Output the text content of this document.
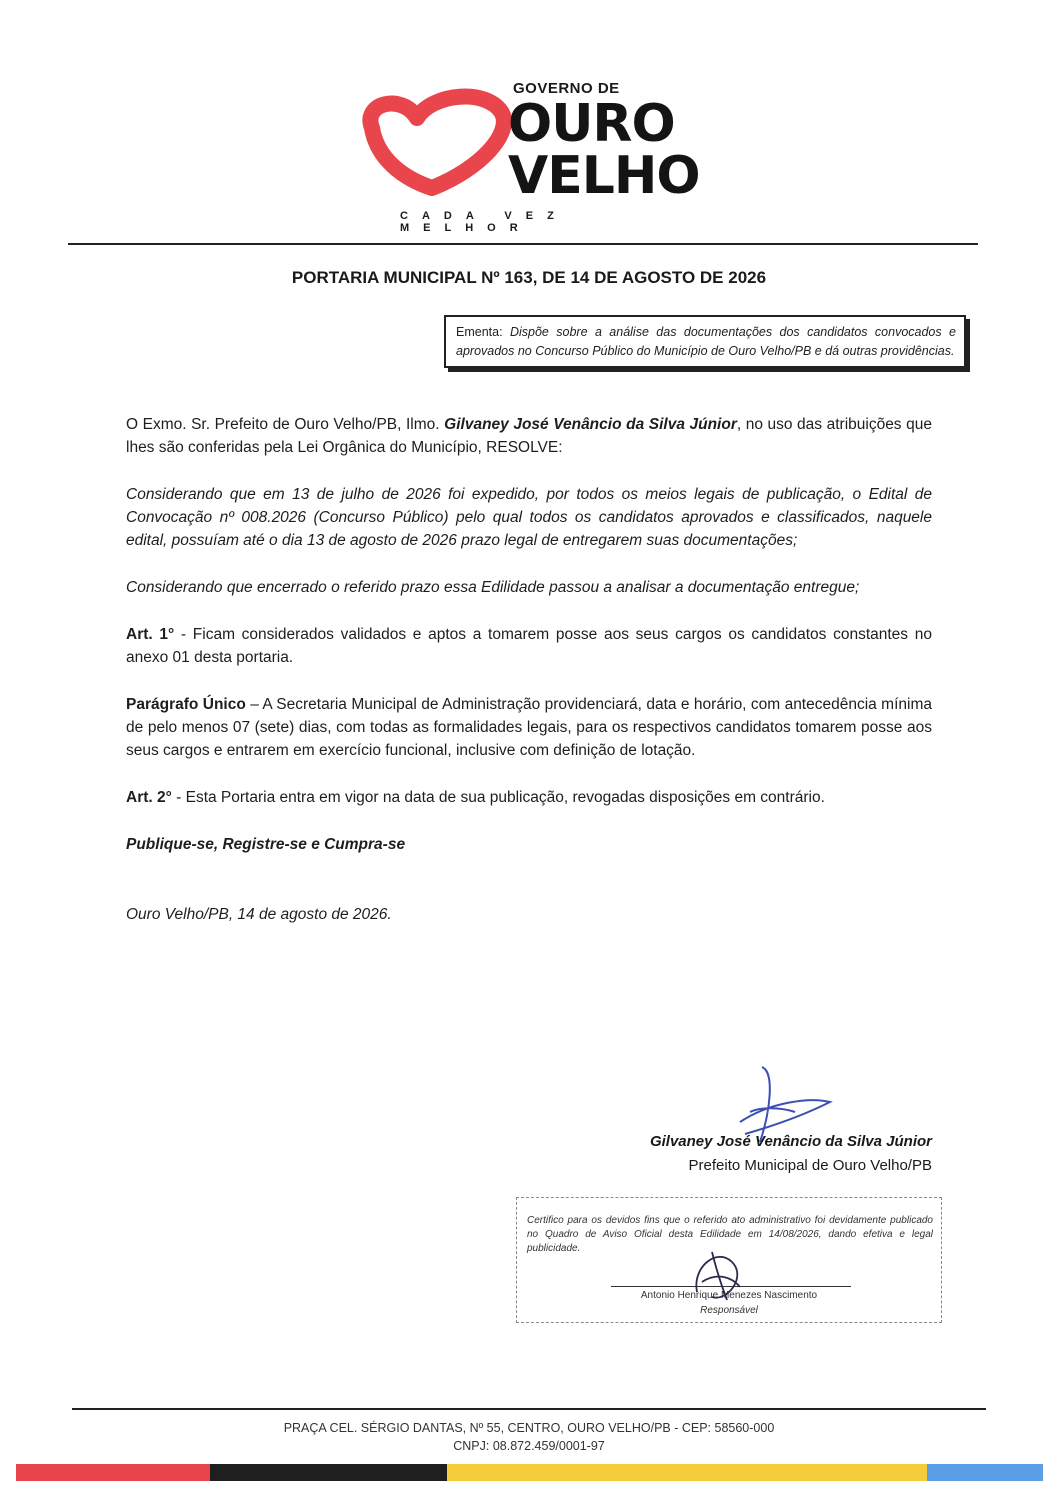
GOVERNO DE
OURO
VELHO
CADA VEZ MELHOR
PORTARIA MUNICIPAL Nº 163, DE 14 DE AGOSTO DE 2026
Ementa: Dispõe sobre a análise das documentações dos candidatos convocados e aprovados no Concurso Público do Município de Ouro Velho/PB e dá outras providências.

O Exmo. Sr. Prefeito de Ouro Velho/PB, Ilmo. Gilvaney José Venâncio da Silva Júnior, no uso das atribuições que lhes são conferidas pela Lei Orgânica do Município, RESOLVE:

Considerando que em 13 de julho de 2026 foi expedido, por todos os meios legais de publicação, o Edital de Convocação nº 008.2026 (Concurso Público) pelo qual todos os candidatos aprovados e classificados, naquele edital, possuíam até o dia 13 de agosto de 2026 prazo legal de entregarem suas documentações;

Considerando que encerrado o referido prazo essa Edilidade passou a analisar a documentação entregue;

Art. 1° - Ficam considerados validados e aptos a tomarem posse aos seus cargos os candidatos constantes no anexo 01 desta portaria.

Parágrafo Único – A Secretaria Municipal de Administração providenciará, data e horário, com antecedência mínima de pelo menos 07 (sete) dias, com todas as formalidades legais, para os respectivos candidatos tomarem posse aos seus cargos e entrarem em exercício funcional, inclusive com definição de lotação.

Art. 2° - Esta Portaria entra em vigor na data de sua publicação, revogadas disposições em contrário.

Publique-se, Registre-se e Cumpra-se

Ouro Velho/PB, 14 de agosto de 2026.

Gilvaney José Venâncio da Silva Júnior
Prefeito Municipal de Ouro Velho/PB
Certifico para os devidos fins que o referido ato administrativo foi devidamente publicado no Quadro de Aviso Oficial desta Edilidade em 14/08/2026, dando efetiva e legal publicidade.
Antonio Henrique Menezes Nascimento
Responsável
PRAÇA CEL. SÉRGIO DANTAS, Nº 55, CENTRO, OURO VELHO/PB - CEP: 58560-000
CNPJ: 08.872.459/0001-97
